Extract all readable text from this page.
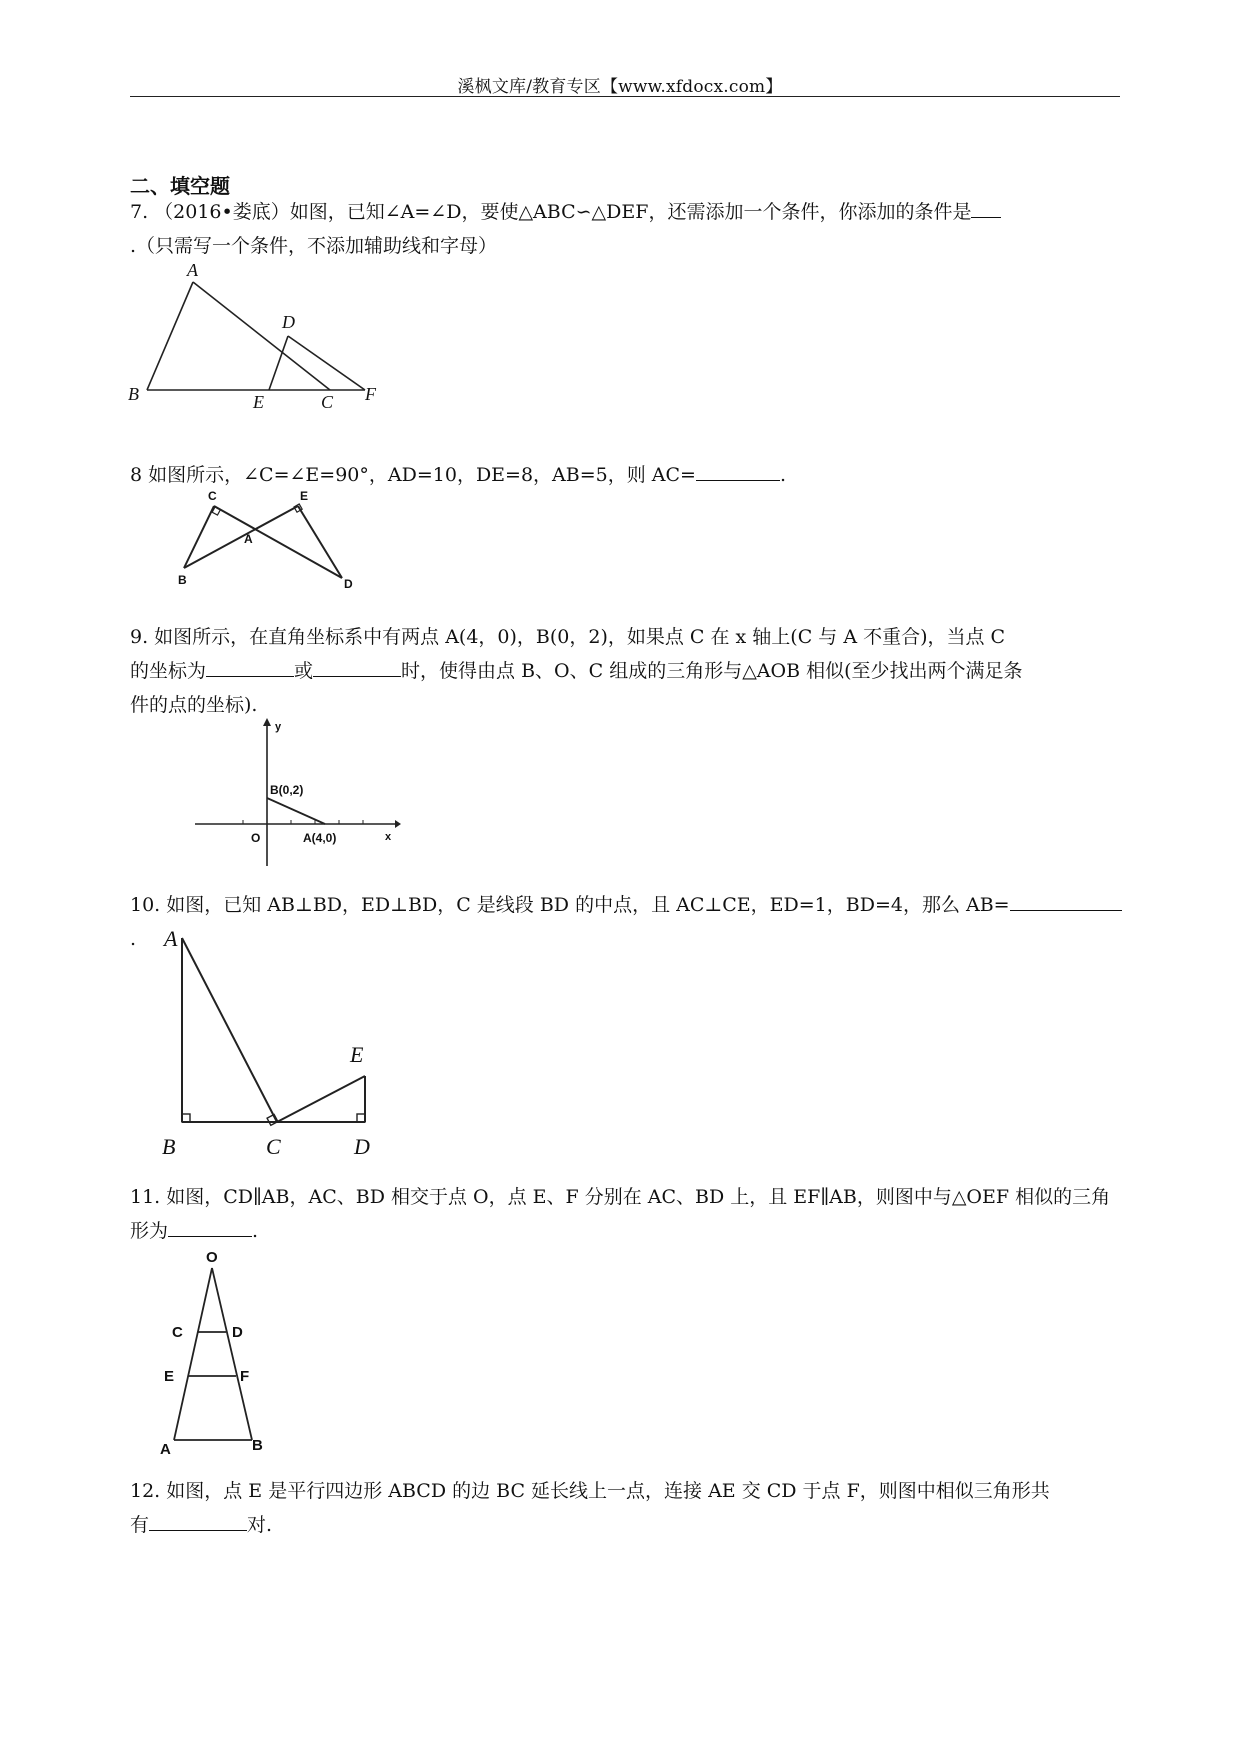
溪枫文库/教育专区【www.xfdocx.com】
二、填空题
7. （2016•娄底）如图，已知∠A=∠D，要使△ABC∽△DEF，还需添加一个条件，你添加的条件是
.（只需写一个条件，不添加辅助线和字母）
A
B
D
E	C F
8 如图所示，∠C=∠E=90°，AD=10，DE=8，AB=5，则 AC=	.
C	E
A
B	D
9. 如图所示，在直角坐标系中有两点 A(4，0)，B(0，2)，如果点 C 在 x 轴上(C 与 A 不重合)，当点 C
的坐标为	或	时，使得由点 B、O、C 组成的三角形与△AOB 相似(至少找出两个满足条
件的点的坐标).
y
x
O
B(0,2)
A(4,0)
10. 如图，已知 AB⊥BD，ED⊥BD，C 是线段 BD 的中点，且 AC⊥CE，ED=1，BD=4，那么 AB=.	A
E
B	C	D
11. 如图，CD∥AB，AC、BD 相交于点 O，点 E、F 分别在 AC、BD 上，且 EF∥AB，则图中与△OEF 相似的三角
形为	.
O
C	D
E	F
A	B
12. 如图，点 E 是平行四边形 ABCD 的边 BC 延长线上一点，连接 AE 交 CD 于点 F，则图中相似三角形共
有	对.
